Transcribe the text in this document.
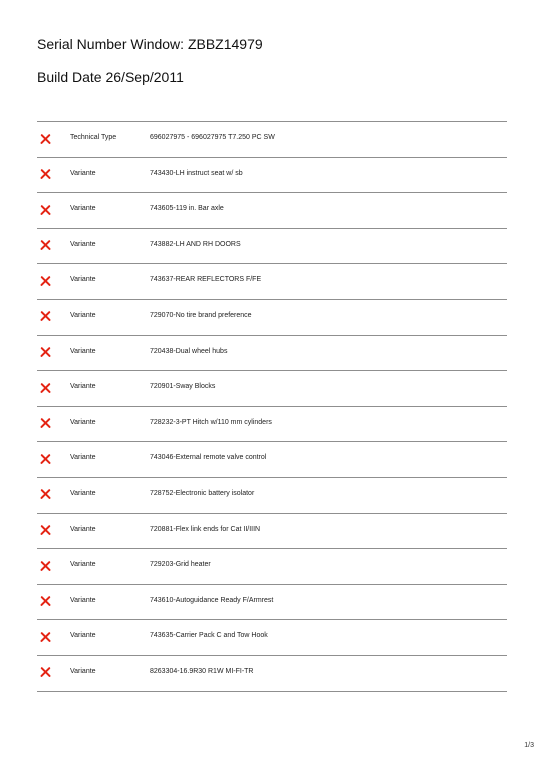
Serial Number Window: ZBBZ14979
Build Date 26/Sep/2011
Technical Type	696027975 - 696027975 T7.250 PC SW
Variante	743430-LH instruct seat w/ sb
Variante	743605-119 in. Bar axle
Variante	743882-LH AND RH DOORS
Variante	743637-REAR REFLECTORS F/FE
Variante	729070-No tire brand preference
Variante	720438-Dual wheel hubs
Variante	720901-Sway Blocks
Variante	728232-3-PT Hitch w/110 mm cylinders
Variante	743046-External remote valve control
Variante	728752-Electronic battery isolator
Variante	720881-Flex link ends for Cat II/IIIN
Variante	729203-Grid heater
Variante	743610-Autoguidance Ready F/Armrest
Variante	743635-Carrier Pack C and Tow Hook
Variante	8263304-16.9R30 R1W MI-FI-TR
1/3
